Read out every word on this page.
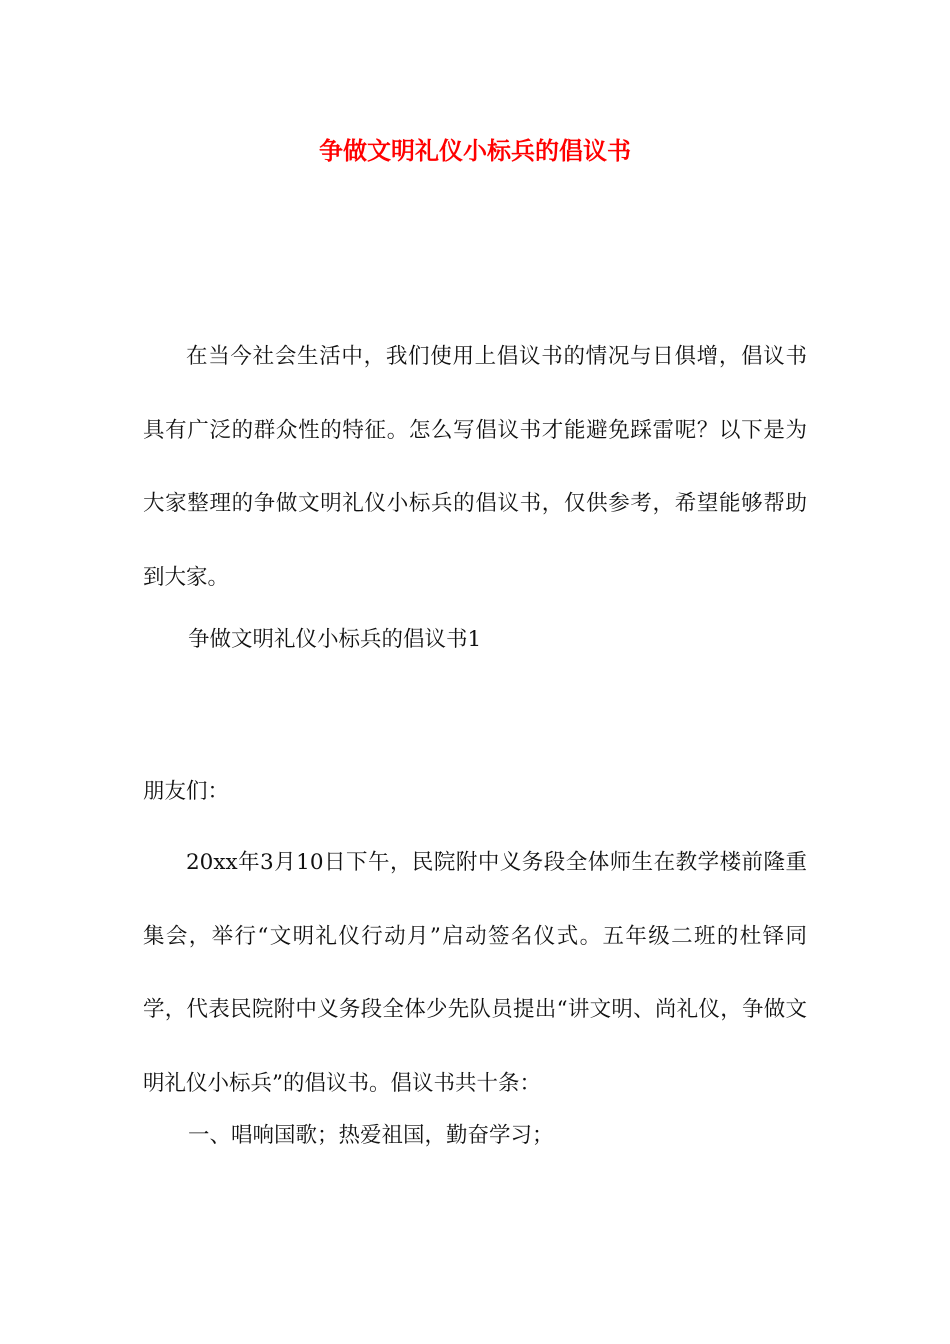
争做文明礼仪小标兵的倡议书

在当今社会生活中，我们使用上倡议书的情况与日俱增，倡议书具有广泛的群众性的特征。怎么写倡议书才能避免踩雷呢？以下是为大家整理的争做文明礼仪小标兵的倡议书，仅供参考，希望能够帮助到大家。

争做文明礼仪小标兵的倡议书1

朋友们：

20xx年3月10日下午，民院附中义务段全体师生在教学楼前隆重集会，举行“文明礼仪行动月”启动签名仪式。五年级二班的杜铎同学，代表民院附中义务段全体少先队员提出“讲文明、尚礼仪，争做文明礼仪小标兵”的倡议书。倡议书共十条：

一、唱响国歌；热爱祖国，勤奋学习；
